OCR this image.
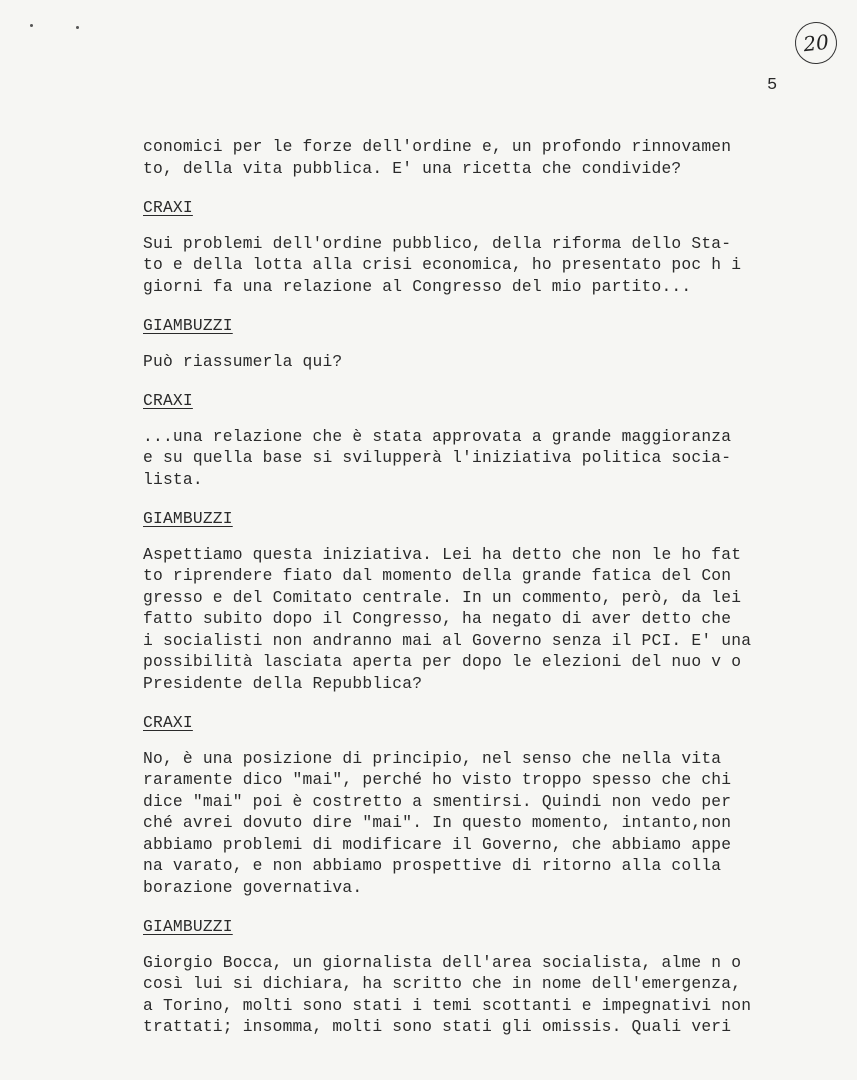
20
5
conomici per le forze dell'ordine e, un profondo rinnovamen
to, della vita pubblica. E' una ricetta che condivide?
CRAXI
Sui problemi dell'ordine pubblico, della riforma dello Sta-
to e della lotta alla crisi economica, ho presentato poc h i
giorni fa una relazione al Congresso del mio partito...
GIAMBUZZI
Può riassumerla qui?
CRAXI
...una relazione che è stata approvata a grande maggioranza
e su quella base si svilupperà l'iniziativa politica socia-
lista.
GIAMBUZZI
Aspettiamo questa iniziativa. Lei ha detto che non le ho fat
to riprendere fiato dal momento della grande fatica del Con
gresso e del Comitato centrale. In un commento, però, da lei
fatto subito dopo il Congresso, ha negato di aver detto che
i socialisti non andranno mai al Governo senza il PCI. E' una
possibilità lasciata aperta per dopo le elezioni del nuo v o
Presidente della Repubblica?
CRAXI
No, è una posizione di principio, nel senso che nella vita
raramente dico "mai", perché ho visto troppo spesso che chi
dice "mai" poi è costretto a smentirsi. Quindi non vedo per
ché avrei dovuto dire "mai". In questo momento, intanto,non
abbiamo problemi di modificare il Governo, che abbiamo appe
na varato, e non abbiamo prospettive di ritorno alla colla
borazione governativa.
GIAMBUZZI
Giorgio Bocca, un giornalista dell'area socialista, alme n o
così lui si dichiara, ha scritto che in nome dell'emergenza,
a Torino, molti sono stati i temi scottanti e impegnativi non
trattati; insomma, molti sono stati gli omissis. Quali veri
